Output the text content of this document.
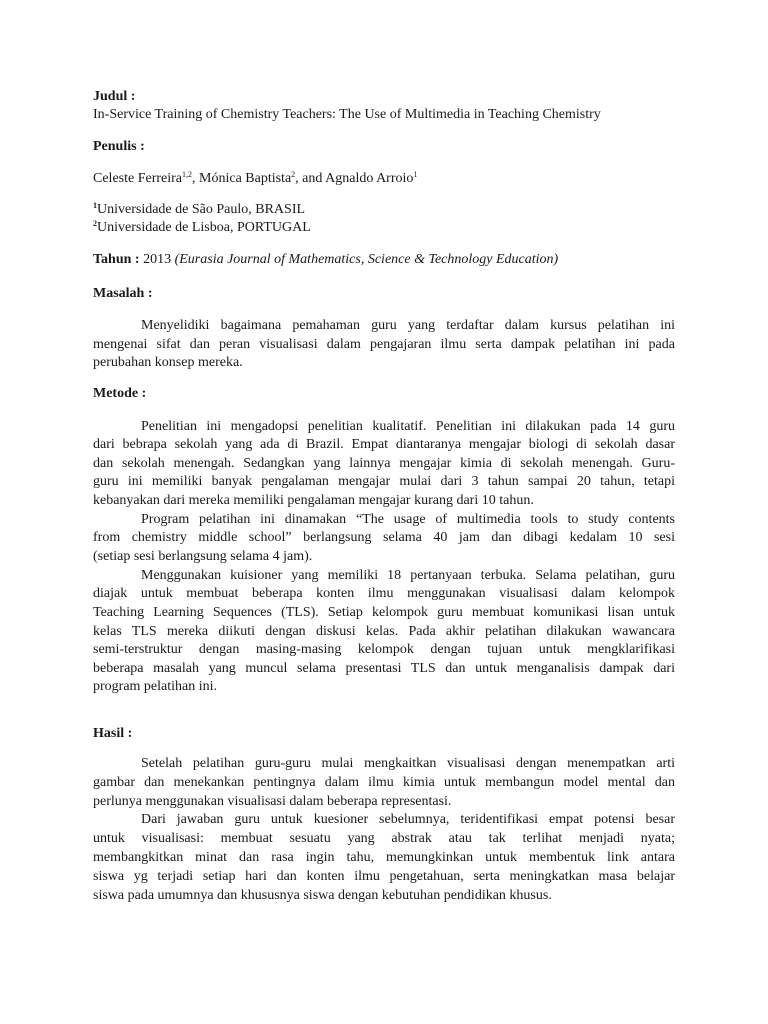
Judul :
In-Service Training of Chemistry Teachers: The Use of Multimedia in Teaching Chemistry
Penulis :
Celeste Ferreira$^{1,2}$, Mónica Baptista$^2$, and Agnaldo Arroio$^1$
$^1$Universidade de São Paulo, BRASIL
$^2$Universidade de Lisboa, PORTUGAL
Tahun : 2013 (Eurasia Journal of Mathematics, Science & Technology Education)
Masalah :
Menyelidiki bagaimana pemahaman guru yang terdaftar dalam kursus pelatihan ini
mengenai sifat dan peran visualisasi dalam pengajaran ilmu serta dampak pelatihan ini pada
perubahan konsep mereka.
Metode :
Penelitian ini mengadopsi penelitian kualitatif. Penelitian ini dilakukan pada 14 guru
dari bebrapa sekolah yang ada di Brazil. Empat diantaranya mengajar biologi di sekolah dasar
dan sekolah menengah. Sedangkan yang lainnya mengajar kimia di sekolah menengah. Guru-
guru ini memiliki banyak pengalaman mengajar mulai dari 3 tahun sampai 20 tahun, tetapi
kebanyakan dari mereka memiliki pengalaman mengajar kurang dari 10 tahun.
Program pelatihan ini dinamakan “The usage of multimedia tools to study contents
from chemistry middle school” berlangsung selama 40 jam dan dibagi kedalam 10 sesi
(setiap sesi berlangsung selama 4 jam).
Menggunakan kuisioner yang memiliki 18 pertanyaan terbuka. Selama pelatihan, guru
diajak untuk membuat beberapa konten ilmu menggunakan visualisasi dalam kelompok
Teaching Learning Sequences (TLS). Setiap kelompok guru membuat komunikasi lisan untuk
kelas TLS mereka diikuti dengan diskusi kelas. Pada akhir pelatihan dilakukan wawancara
semi-terstruktur dengan masing-masing kelompok dengan tujuan untuk mengklarifikasi
beberapa masalah yang muncul selama presentasi TLS dan untuk menganalisis dampak dari
program pelatihan ini.
Hasil :
Setelah pelatihan guru-guru mulai mengkaitkan visualisasi dengan menempatkan arti
gambar dan menekankan pentingnya dalam ilmu kimia untuk membangun model mental dan
perlunya menggunakan visualisasi dalam beberapa representasi.
Dari jawaban guru untuk kuesioner sebelumnya, teridentifikasi empat potensi besar
untuk visualisasi: membuat sesuatu yang abstrak atau tak terlihat menjadi nyata;
membangkitkan minat dan rasa ingin tahu, memungkinkan untuk membentuk link antara
siswa yg terjadi setiap hari dan konten ilmu pengetahuan, serta meningkatkan masa belajar
siswa pada umumnya dan khususnya siswa dengan kebutuhan pendidikan khusus.
